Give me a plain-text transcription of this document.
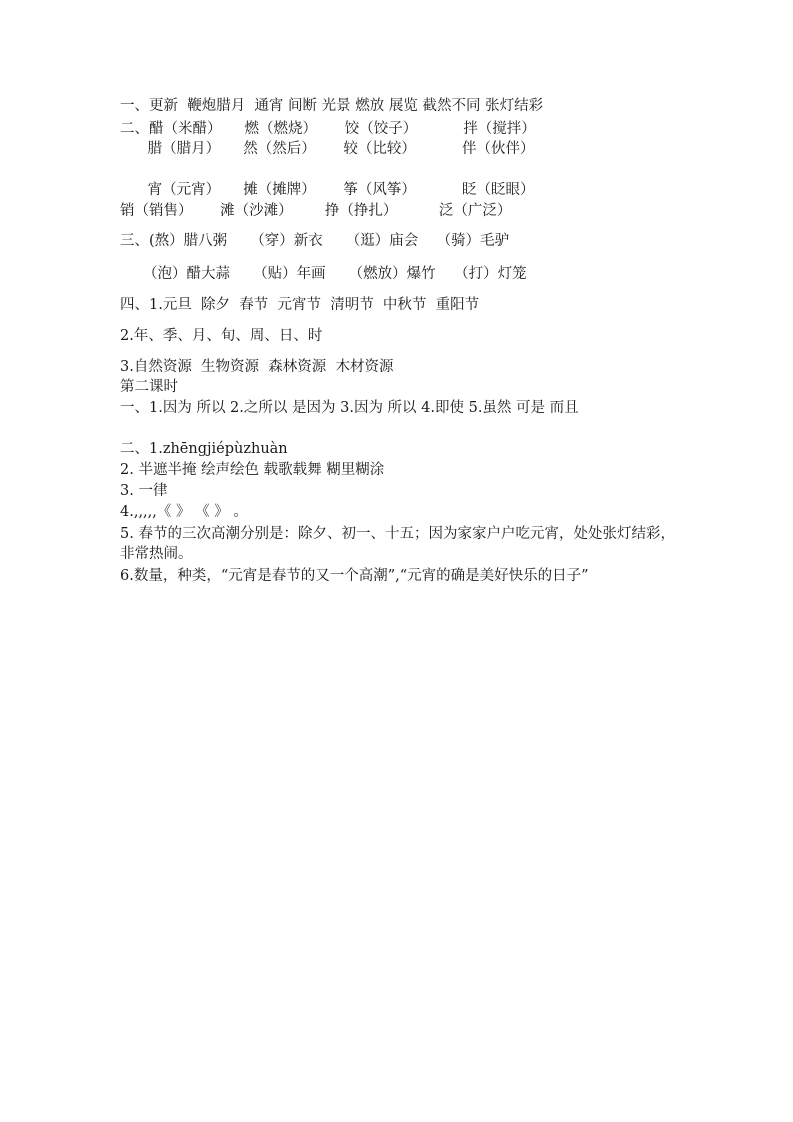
一、更新  鞭炮腊月  通宵 间断 光景 燃放 展览 截然不同 张灯结彩
二、醋（米醋）     燃（燃烧）      饺（饺子）          拌（搅拌）
腊（腊月）     然（然后）      较（比较）          伴（伙伴）
宵（元宵）     摊（摊牌）      筝（风筝）          眨（眨眼）
销（销售）      滩（沙滩）       挣（挣扎）         泛（广泛）
三、(熬）腊八粥     （穿）新衣     （逛）庙会    （骑）毛驴
（泡）醋大蒜     （贴）年画     （燃放）爆竹    （打）灯笼
四、1.元旦  除夕  春节  元宵节  清明节  中秋节  重阳节
2.年、季、月、旬、周、日、时
3.自然资源  生物资源  森林资源  木材资源
第二课时
一、1.因为 所以 2.之所以 是因为 3.因为 所以 4.即使 5.虽然 可是 而且
二、1.zhēngjiépùzhuàn
2. 半遮半掩 绘声绘色 载歌载舞 糊里糊涂
3. 一律
4.,,,,,《 》 《 》 。
5. 春节的三次高潮分别是：除夕、初一、十五；因为家家户户吃元宵，处处张灯结彩，非常热闹。
6.数量，种类，“元宵是春节的又一个高潮”,“元宵的确是美好快乐的日子”
